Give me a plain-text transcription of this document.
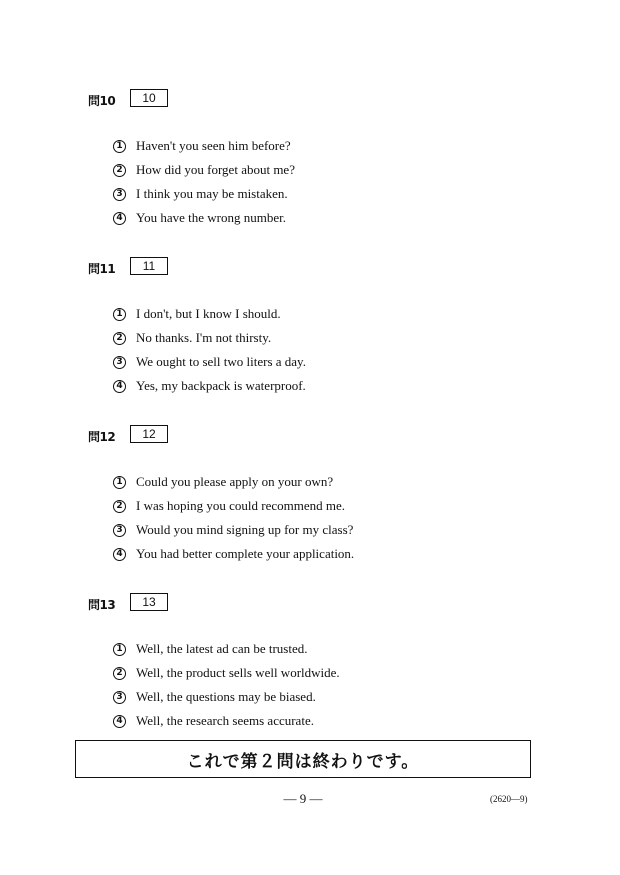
問10	10
1 Haven't you seen him before?
2 How did you forget about me?
3 I think you may be mistaken.
4 You have the wrong number.
問11	11
1 I don't, but I know I should.
2 No thanks. I'm not thirsty.
3 We ought to sell two liters a day.
4 Yes, my backpack is waterproof.
問12	12
1 Could you please apply on your own?
2 I was hoping you could recommend me.
3 Would you mind signing up for my class?
4 You had better complete your application.
問13	13
1 Well, the latest ad can be trusted.
2 Well, the product sells well worldwide.
3 Well, the questions may be biased.
4 Well, the research seems accurate.
これで第２問は終わりです。
— 9 —	(2620—9)
